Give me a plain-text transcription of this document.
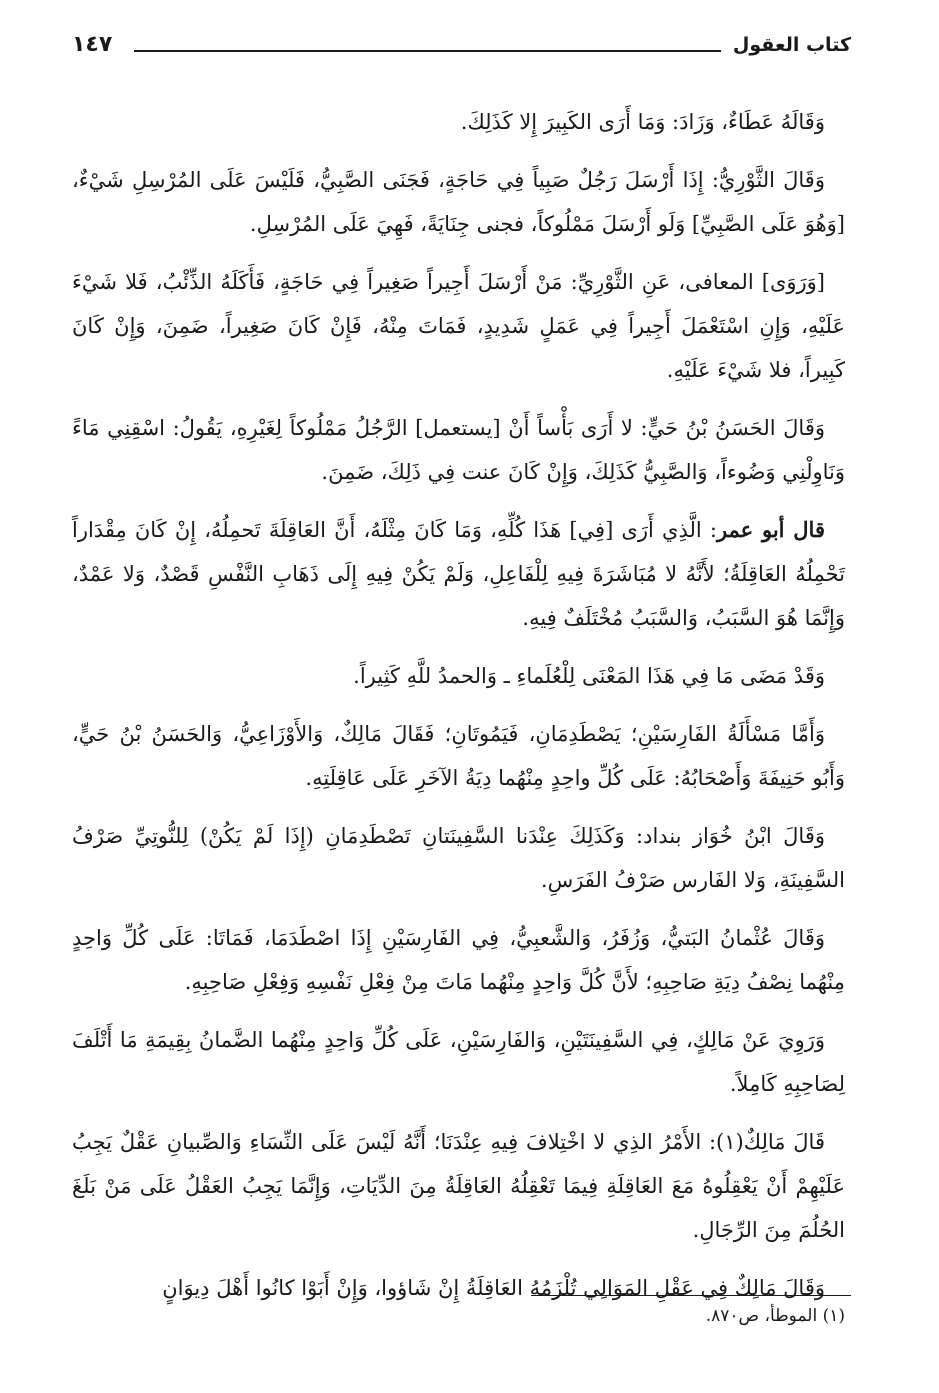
كتاب العقول
١٤٧

وَقَالَهُ عَطَاءٌ، وَزَادَ: وَمَا أَرَى الكَبِيرَ إِلا كَذَلِكَ.

وَقَالَ الثَّوْرِيُّ: إِذَا أَرْسَلَ رَجُلٌ صَبِياً فِي حَاجَةٍ، فَجَنَى الصَّبِيُّ، فَلَيْسَ عَلَى المُرْسِلِ شَيْءٌ، [وَهُوَ عَلَى الصَّبِيِّ] وَلَو أَرْسَلَ مَمْلُوكاً، فجنى جِنَايَةً، فَهِيَ عَلَى المُرْسِلِ.

[وَرَوَى] المعافى، عَنِ الثَّوْرِيِّ: مَنْ أَرْسَلَ أَجِيراً صَغِيراً فِي حَاجَةٍ، فَأَكَلَهُ الذِّئْبُ، فَلا شَيْءَ عَلَيْهِ، وَإِنِ اسْتَعْمَلَ أَجِيراً فِي عَمَلٍ شَدِيدٍ، فَمَاتَ مِنْهُ، فَإِنْ كَانَ صَغِيراً، ضَمِنَ، وَإِنْ كَانَ كَبِيراً، فلا شَيْءَ عَلَيْهِ.

وَقَالَ الحَسَنُ بْنُ حَيٍّ: لا أَرَى بَأْساً أَنْ [يستعمل] الرَّجُلُ مَمْلُوكاً لِغَيْرِهِ، يَقُولُ: اسْقِنِي مَاءً وَنَاوِلْنِي وَضُوءاً، وَالصَّبِيُّ كَذَلِكَ، وَإِنْ كَانَ عنت فِي ذَلِكَ، ضَمِنَ.

قال أبو عمر: الَّذِي أَرَى [فِي] هَذَا كُلِّهِ، وَمَا كَانَ مِثْلَهُ، أَنَّ العَاقِلَةَ تَحمِلُهُ، إِنْ كَانَ مِقْدَاراً تَحْمِلُهُ العَاقِلَةُ؛ لأَنَّهُ لا مُبَاشَرَةَ فِيهِ لِلْفَاعِلِ، وَلَمْ يَكُنْ فِيهِ إِلَى ذَهَابِ النَّفْسِ قَصْدٌ، وَلا عَمْدٌ، وَإِنَّمَا هُوَ السَّبَبُ، وَالسَّبَبُ مُخْتَلَفٌ فِيهِ.

وَقَدْ مَضَى مَا فِي هَذَا المَعْنَى لِلْعُلَماءِ ـ وَالحمدُ للَّهِ كَثِيراً.

وَأَمَّا مَسْأَلَةُ الفَارِسَيْنِ؛ يَصْطَدِمَانِ، فَيَمُوتَانِ؛ فَقَالَ مَالِكٌ، وَالأَوْزَاعِيُّ، وَالحَسَنُ بْنُ حَيٍّ، وَأَبُو حَنِيفَةَ وَأَصْحَابُهُ: عَلَى كُلِّ واحِدٍ مِنْهُما دِيَةُ الآخَرِ عَلَى عَاقِلَتِهِ.

وَقَالَ ابْنُ خُوَاز بنداد: وَكَذَلِكَ عِنْدَنا السَّفِينَتانِ تَصْطَدِمَانِ (إِذَا لَمْ يَكُنْ) لِلنُّوتِيِّ صَرْفُ السَّفِينَةِ، وَلا الفَارس صَرْفُ الفَرَسِ.

وَقَالَ عُثْمانُ البَتيُّ، وَزُفَرُ، وَالشَّعبِيُّ، فِي الفَارِسَيْنِ إِذَا اصْطَدَمَا، فَمَاتَا: عَلَى كُلِّ وَاحِدٍ مِنْهُما نِصْفُ دِيَةِ صَاحِبِهِ؛ لأَنَّ كُلَّ وَاحِدٍ مِنْهُما مَاتَ مِنْ فِعْلِ نَفْسِهِ وَفِعْلِ صَاحِبِهِ.

وَرَوِيَ عَنْ مَالِكٍ، فِي السَّفِينَتَيْنِ، وَالفَارِسَيْنِ، عَلَى كُلِّ وَاحِدٍ مِنْهُما الضَّمانُ بِقِيمَةِ مَا أَتْلَفَ لِصَاحِبِهِ كَامِلاً.

قَالَ مَالِكٌ(١): الأَمْرُ الذِي لا اخْتِلافَ فِيهِ عِنْدَنَا؛ أَنَّهُ لَيْسَ عَلَى النِّسَاءِ وَالصِّبيانِ عَقْلٌ يَجِبُ عَلَيْهِمْ أَنْ يَعْقِلُوهُ مَعَ العَاقِلَةِ فِيمَا تَعْقِلُهُ العَاقِلَةُ مِنَ الدِّيَاتِ، وَإِنَّمَا يَجِبُ العَقْلُ عَلَى مَنْ بَلَغَ الحُلُمَ مِنَ الرِّجَالِ.

وَقَالَ مَالِكٌ فِي عَقْلِ المَوَالِي تُلْزَمُهُ العَاقِلَةُ إِنْ شَاؤوا، وَإِنْ أَبَوْا كانُوا أَهْلَ دِيوَانٍ

(١) الموطأ، ص٨٧٠.
